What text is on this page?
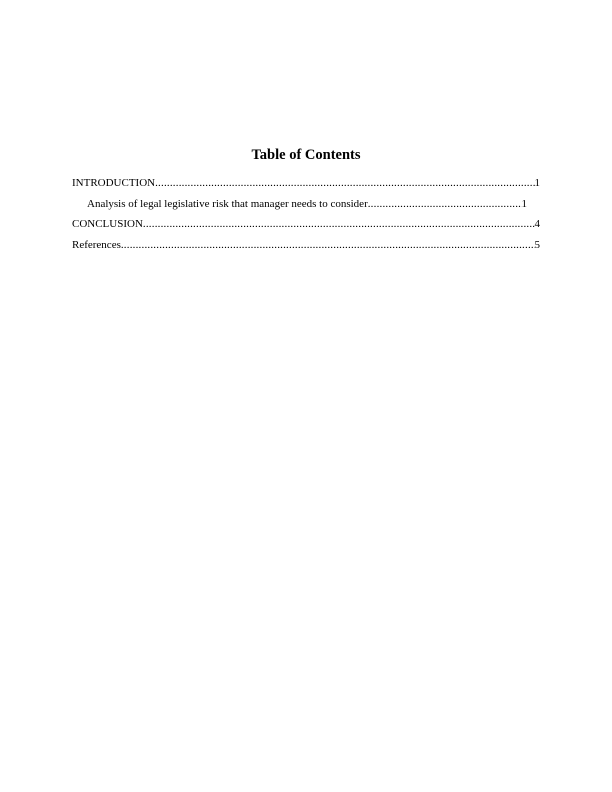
Table of Contents
INTRODUCTION .....	1
Analysis of legal legislative risk that manager needs to consider .....	1
CONCLUSION .....	4
References .....	5
